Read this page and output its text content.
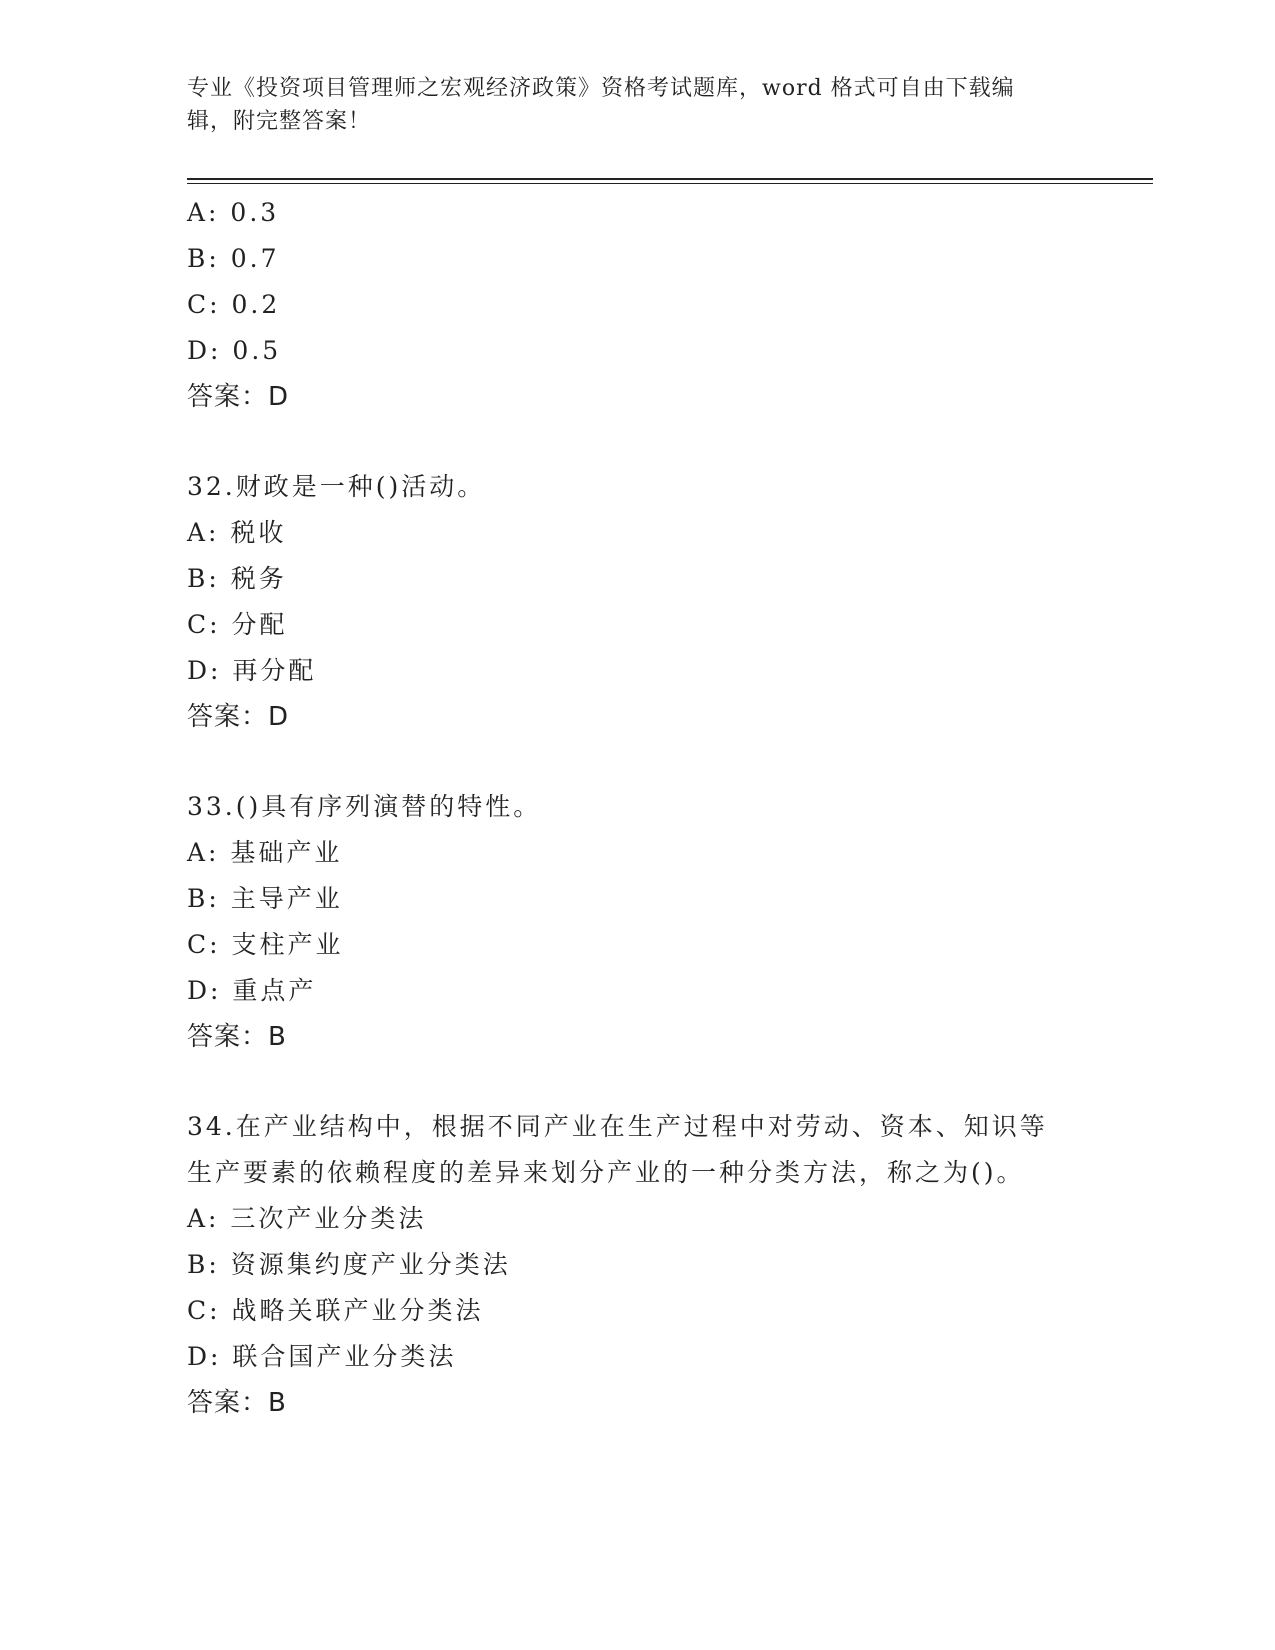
专业《投资项目管理师之宏观经济政策》资格考试题库，word 格式可自由下载编
辑，附完整答案！
A: 0.3
B: 0.7
C: 0.2
D: 0.5
答案：D
32.财政是一种()活动。
A: 税收
B: 税务
C: 分配
D: 再分配
答案：D
33.()具有序列演替的特性。
A: 基础产业
B: 主导产业
C: 支柱产业
D: 重点产
答案：B
34.在产业结构中，根据不同产业在生产过程中对劳动、资本、知识等
生产要素的依赖程度的差异来划分产业的一种分类方法，称之为()。
A: 三次产业分类法
B: 资源集约度产业分类法
C: 战略关联产业分类法
D: 联合国产业分类法
答案：B
